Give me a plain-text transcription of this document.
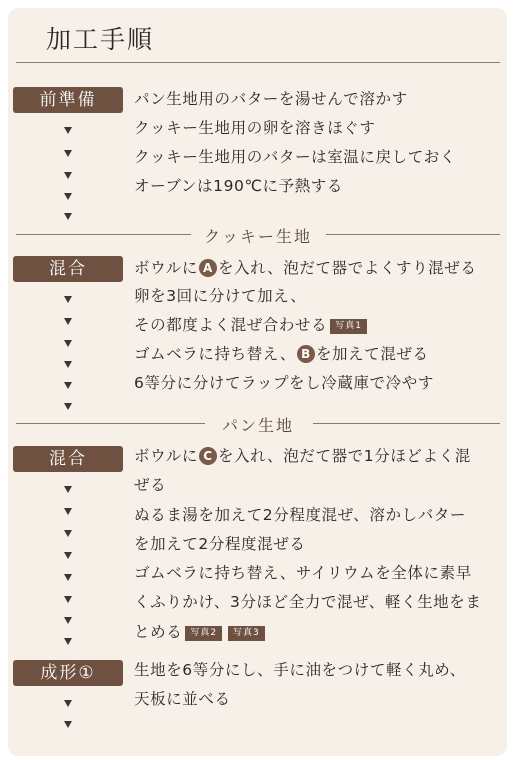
加工手順
前準備	パン生地用のバターを湯せんで溶かす
クッキー生地用の卵を溶きほぐす
クッキー生地用のバターは室温に戻しておく
オーブンは190℃に予熱する
クッキー生地
混合	ボウルに A を入れ、泡だて器でよくすり混ぜる
卵を3回に分けて加え、
その都度よく混ぜ合わせる 写真1
ゴムベラに持ち替え、 B を加えて混ぜる
6等分に分けてラップをし冷蔵庫で冷やす
パン生地
混合	ボウルに C を入れ、泡だて器で1分ほどよく混
ぜる
ぬるま湯を加えて2分程度混ぜ、溶かしバター
を加えて2分程度混ぜる
ゴムベラに持ち替え、サイリウムを全体に素早
くふりかけ、3分ほど全力で混ぜ、軽く生地をま
とめる 写真2 写真3
成形①	生地を6等分にし、手に油をつけて軽く丸め、
天板に並べる
